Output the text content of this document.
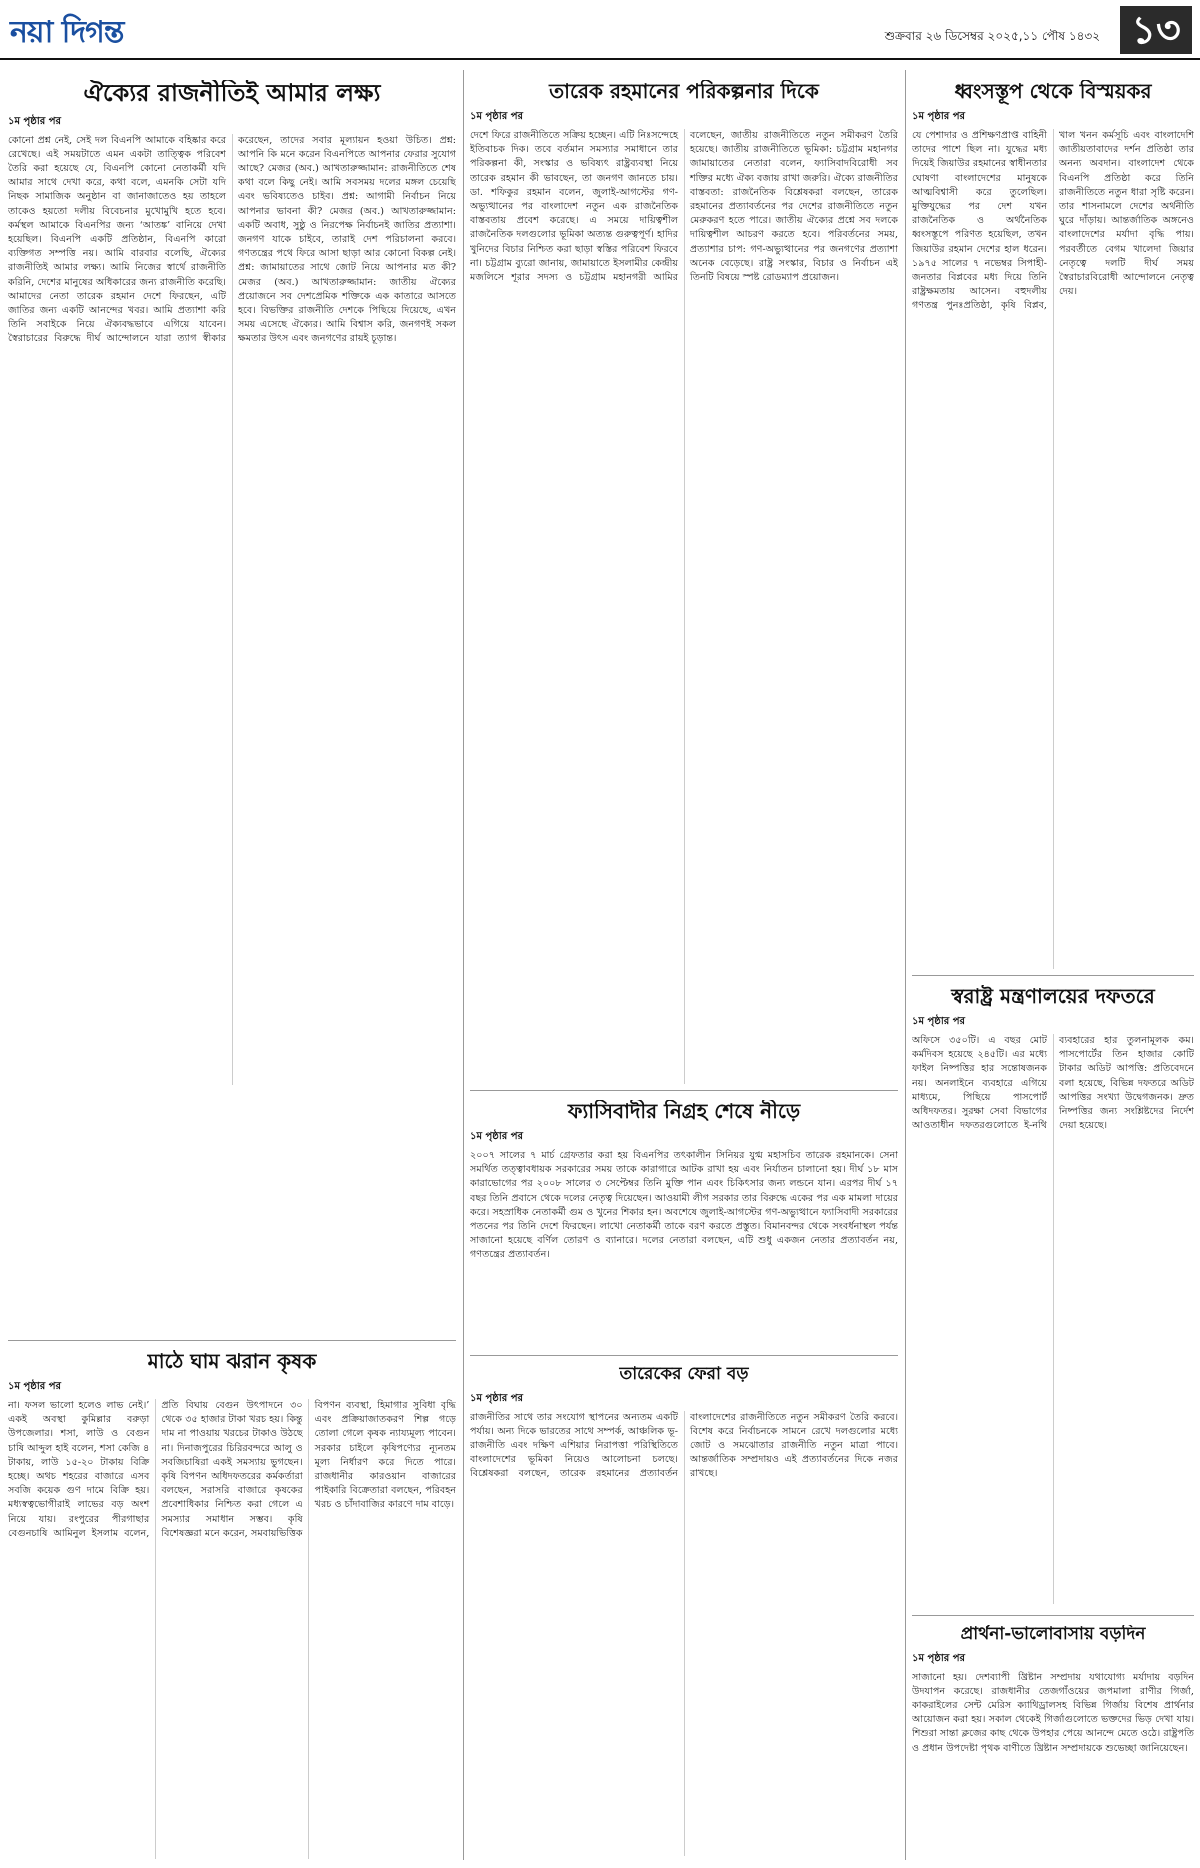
নয়া দিগন্ত	শুক্রবার ২৬ ডিসেম্বর ২০২৫,১১ পৌষ ১৪৩২ ১৩
ঐক্যের রাজনীতিই আমার লক্ষ্য
১ম পৃষ্ঠার পর
কোনো প্রশ্ন নেই, সেই দল বিএনপি আমাকে বহিষ্কার করে রেখেছে। এই সময়টাতে এমন একটা তাত্ত্বিক পরিবেশ তৈরি করা হয়েছে যে, বিএনপি কোনো নেতাকর্মী যদি আমার সাথে দেখা করে, কথা বলে, এমনকি সেটা যদি নিছক সামাজিক অনুষ্ঠান বা জানাজাতেও হয় তাহলে তাকেও হয়তো দলীয় বিবেচনার মুখোমুখি হতে হবে। কর্মস্থল আমাকে বিএনপির জন্য ‘আতঙ্ক’ বানিয়ে দেখা হয়েছিল। বিএনপি একটি প্রতিষ্ঠান, বিএনপি কারো ব্যক্তিগত সম্পত্তি নয়। আমি বারবার বলেছি, ঐক্যের রাজনীতিই আমার লক্ষ্য। আমি নিজের স্বার্থে রাজনীতি করিনি, দেশের মানুষের অধিকারের জন্য রাজনীতি করেছি। আমাদের নেতা তারেক রহমান দেশে ফিরছেন, এটি জাতির জন্য একটি আনন্দের খবর। আমি প্রত্যাশা করি তিনি সবাইকে নিয়ে ঐক্যবদ্ধভাবে এগিয়ে যাবেন। স্বৈরাচারের বিরুদ্ধে দীর্ঘ আন্দোলনে যারা ত্যাগ স্বীকার করেছেন, তাদের সবার মূল্যায়ন হওয়া উচিত। প্রশ্ন: আপনি কি মনে করেন বিএনপিতে আপনার ফেরার সুযোগ আছে? মেজর (অব.) আখতারুজ্জামান: রাজনীতিতে শেষ কথা বলে কিছু নেই। আমি সবসময় দলের মঙ্গল চেয়েছি এবং ভবিষ্যতেও চাইব। প্রশ্ন: আগামী নির্বাচন নিয়ে আপনার ভাবনা কী? মেজর (অব.) আখতারুজ্জামান: একটি অবাধ, সুষ্ঠু ও নিরপেক্ষ নির্বাচনই জাতির প্রত্যাশা। জনগণ যাকে চাইবে, তারাই দেশ পরিচালনা করবে। গণতন্ত্রের পথে ফিরে আসা ছাড়া আর কোনো বিকল্প নেই। প্রশ্ন: জামায়াতের সাথে জোট নিয়ে আপনার মত কী? মেজর (অব.) আখতারুজ্জামান: জাতীয় ঐক্যের প্রয়োজনে সব দেশপ্রেমিক শক্তিকে এক কাতারে আসতে হবে। বিভক্তির রাজনীতি দেশকে পিছিয়ে দিয়েছে, এখন সময় এসেছে ঐক্যের। আমি বিশ্বাস করি, জনগণই সকল ক্ষমতার উৎস এবং জনগণের রায়ই চূড়ান্ত।
তারেক রহমানের পরিকল্পনার দিকে
১ম পৃষ্ঠার পর
দেশে ফিরে রাজনীতিতে সক্রিয় হচ্ছেন। এটি নিঃসন্দেহে ইতিবাচক দিক। তবে বর্তমান সমস্যার সমাধানে তার পরিকল্পনা কী, সংস্কার ও ভবিষ্যৎ রাষ্ট্রব্যবস্থা নিয়ে তারেক রহমান কী ভাবছেন, তা জনগণ জানতে চায়। ডা. শফিকুর রহমান বলেন, জুলাই-আগস্টের গণ-অভ্যুত্থানের পর বাংলাদেশ নতুন এক রাজনৈতিক বাস্তবতায় প্রবেশ করেছে। এ সময়ে দায়িত্বশীল রাজনৈতিক দলগুলোর ভূমিকা অত্যন্ত গুরুত্বপূর্ণ। হাদির খুনিদের বিচার নিশ্চিত করা ছাড়া স্বস্তির পরিবেশ ফিরবে না। চট্টগ্রাম ব্যুরো জানায়, জামায়াতে ইসলামীর কেন্দ্রীয় মজলিসে শূরার সদস্য ও চট্টগ্রাম মহানগরী আমির বলেছেন, জাতীয় রাজনীতিতে নতুন সমীকরণ তৈরি হয়েছে। জাতীয় রাজনীতিতে ভূমিকা: চট্টগ্রাম মহানগর জামায়াতের নেতারা বলেন, ফ্যাসিবাদবিরোধী সব শক্তির মধ্যে ঐক্য বজায় রাখা জরুরি। ঐক্যে রাজনীতির বাস্তবতা: রাজনৈতিক বিশ্লেষকরা বলছেন, তারেক রহমানের প্রত্যাবর্তনের পর দেশের রাজনীতিতে নতুন মেরুকরণ হতে পারে। জাতীয় ঐক্যের প্রশ্নে সব দলকে দায়িত্বশীল আচরণ করতে হবে। পরিবর্তনের সময়, প্রত্যাশার চাপ: গণ-অভ্যুত্থানের পর জনগণের প্রত্যাশা অনেক বেড়েছে। রাষ্ট্র সংস্কার, বিচার ও নির্বাচন এই তিনটি বিষয়ে স্পষ্ট রোডম্যাপ প্রয়োজন।
ধ্বংসস্তূপ থেকে বিস্ময়কর
১ম পৃষ্ঠার পর
যে পেশাদার ও প্রশিক্ষণপ্রাপ্ত বাহিনী তাদের পাশে ছিল না। যুদ্ধের মধ্য দিয়েই জিয়াউর রহমানের স্বাধীনতার ঘোষণা বাংলাদেশের মানুষকে আত্মবিশ্বাসী করে তুলেছিল। মুক্তিযুদ্ধের পর দেশ যখন রাজনৈতিক ও অর্থনৈতিক ধ্বংসস্তূপে পরিণত হয়েছিল, তখন জিয়াউর রহমান দেশের হাল ধরেন। ১৯৭৫ সালের ৭ নভেম্বর সিপাহী-জনতার বিপ্লবের মধ্য দিয়ে তিনি রাষ্ট্রক্ষমতায় আসেন। বহুদলীয় গণতন্ত্র পুনঃপ্রতিষ্ঠা, কৃষি বিপ্লব, খাল খনন কর্মসূচি এবং বাংলাদেশি জাতীয়তাবাদের দর্শন প্রতিষ্ঠা তার অনন্য অবদান। বাংলাদেশ থেকে বিএনপি প্রতিষ্ঠা করে তিনি রাজনীতিতে নতুন ধারা সৃষ্টি করেন। তার শাসনামলে দেশের অর্থনীতি ঘুরে দাঁড়ায়। আন্তর্জাতিক অঙ্গনেও বাংলাদেশের মর্যাদা বৃদ্ধি পায়। পরবর্তীতে বেগম খালেদা জিয়ার নেতৃত্বে দলটি দীর্ঘ সময় স্বৈরাচারবিরোধী আন্দোলনে নেতৃত্ব দেয়।
স্বরাষ্ট্র মন্ত্রণালয়ের দফতরে
১ম পৃষ্ঠার পর
অফিসে ৩৫০টি। এ বছর মোট কর্মদিবস হয়েছে ২৪৫টি। এর মধ্যে ফাইল নিষ্পত্তির হার সন্তোষজনক নয়। অনলাইনে ব্যবহারে এগিয়ে মাধ্যমে, পিছিয়ে পাসপোর্ট অধিদফতর। সুরক্ষা সেবা বিভাগের আওতাধীন দফতরগুলোতে ই-নথি ব্যবহারের হার তুলনামূলক কম। পাসপোর্টের তিন হাজার কোটি টাকার অডিট আপত্তি: প্রতিবেদনে বলা হয়েছে, বিভিন্ন দফতরে অডিট আপত্তির সংখ্যা উদ্বেগজনক। দ্রুত নিষ্পত্তির জন্য সংশ্লিষ্টদের নির্দেশ দেয়া হয়েছে।
ফ্যাসিবাদীর নিগ্রহ শেষে নীড়ে
১ম পৃষ্ঠার পর
২০০৭ সালের ৭ মার্চ গ্রেফতার করা হয় বিএনপির তৎকালীন সিনিয়র যুগ্ম মহাসচিব তারেক রহমানকে। সেনা সমর্থিত তত্ত্বাবধায়ক সরকারের সময় তাকে কারাগারে আটক রাখা হয় এবং নির্যাতন চালানো হয়। দীর্ঘ ১৮ মাস কারাভোগের পর ২০০৮ সালের ৩ সেপ্টেম্বর তিনি মুক্তি পান এবং চিকিৎসার জন্য লন্ডনে যান। এরপর দীর্ঘ ১৭ বছর তিনি প্রবাসে থেকে দলের নেতৃত্ব দিয়েছেন। আওয়ামী লীগ সরকার তার বিরুদ্ধে একের পর এক মামলা দায়ের করে। সহস্রাধিক নেতাকর্মী গুম ও খুনের শিকার হন। অবশেষে জুলাই-আগস্টের গণ-অভ্যুত্থানে ফ্যাসিবাদী সরকারের পতনের পর তিনি দেশে ফিরছেন। লাখো নেতাকর্মী তাকে বরণ করতে প্রস্তুত। বিমানবন্দর থেকে সংবর্ধনাস্থল পর্যন্ত সাজানো হয়েছে বর্ণিল তোরণ ও ব্যানারে। দলের নেতারা বলছেন, এটি শুধু একজন নেতার প্রত্যাবর্তন নয়, গণতন্ত্রের প্রত্যাবর্তন।
মাঠে ঘাম ঝরান কৃষক
১ম পৃষ্ঠার পর
না। ফসল ভালো হলেও লাভ নেই।’ একই অবস্থা কুমিল্লার বরুড়া উপজেলার। শসা, লাউ ও বেগুন চাষি আব্দুল হাই বলেন, শসা কেজি ৪ টাকায়, লাউ ১৫-২০ টাকায় বিক্রি হচ্ছে। অথচ শহরের বাজারে এসব সবজি কয়েক গুণ দামে বিক্রি হয়। মধ্যস্বত্বভোগীরাই লাভের বড় অংশ নিয়ে যায়। রংপুরের পীরগাছার বেগুনচাষি আমিনুল ইসলাম বলেন, প্রতি বিঘায় বেগুন উৎপাদনে ৩০ থেকে ৩৫ হাজার টাকা খরচ হয়। কিন্তু দাম না পাওয়ায় খরচের টাকাও উঠছে না। দিনাজপুরের চিরিরবন্দরে আলু ও সবজিচাষিরা একই সমস্যায় ভুগছেন। কৃষি বিপণন অধিদফতরের কর্মকর্তারা বলছেন, সরাসরি বাজারে কৃষকের প্রবেশাধিকার নিশ্চিত করা গেলে এ সমস্যার সমাধান সম্ভব। কৃষি বিশেষজ্ঞরা মনে করেন, সমবায়ভিত্তিক বিপণন ব্যবস্থা, হিমাগার সুবিধা বৃদ্ধি এবং প্রক্রিয়াজাতকরণ শিল্প গড়ে তোলা গেলে কৃষক ন্যায্যমূল্য পাবেন। সরকার চাইলে কৃষিপণ্যের ন্যূনতম মূল্য নির্ধারণ করে দিতে পারে। রাজধানীর কারওয়ান বাজারের পাইকারি বিক্রেতারা বলছেন, পরিবহন খরচ ও চাঁদাবাজির কারণে দাম বাড়ে।
তারেকের ফেরা বড়
১ম পৃষ্ঠার পর
রাজনীতির সাথে তার সংযোগ স্থাপনের অন্যতম একটি পর্যায়। অন্য দিকে ভারতের সাথে সম্পর্ক, আঞ্চলিক ভূ-রাজনীতি এবং দক্ষিণ এশিয়ার নিরাপত্তা পরিস্থিতিতে বাংলাদেশের ভূমিকা নিয়েও আলোচনা চলছে। বিশ্লেষকরা বলছেন, তারেক রহমানের প্রত্যাবর্তন বাংলাদেশের রাজনীতিতে নতুন সমীকরণ তৈরি করবে। বিশেষ করে নির্বাচনকে সামনে রেখে দলগুলোর মধ্যে জোট ও সমঝোতার রাজনীতি নতুন মাত্রা পাবে। আন্তর্জাতিক সম্প্রদায়ও এই প্রত্যাবর্তনের দিকে নজর রাখছে।
প্রার্থনা-ভালোবাসায় বড়দিন
১ম পৃষ্ঠার পর
সাজানো হয়। দেশব্যাপী খ্রিষ্টান সম্প্রদায় যথাযোগ্য মর্যাদায় বড়দিন উদযাপন করেছে। রাজধানীর তেজগাঁওয়ের জপমালা রাণীর গির্জা, কাকরাইলের সেন্ট মেরিস ক্যাথিড্রালসহ বিভিন্ন গির্জায় বিশেষ প্রার্থনার আয়োজন করা হয়। সকাল থেকেই গির্জাগুলোতে ভক্তদের ভিড় দেখা যায়। শিশুরা সান্তা ক্লজের কাছ থেকে উপহার পেয়ে আনন্দে মেতে ওঠে। রাষ্ট্রপতি ও প্রধান উপদেষ্টা পৃথক বাণীতে খ্রিষ্টান সম্প্রদায়কে শুভেচ্ছা জানিয়েছেন।
